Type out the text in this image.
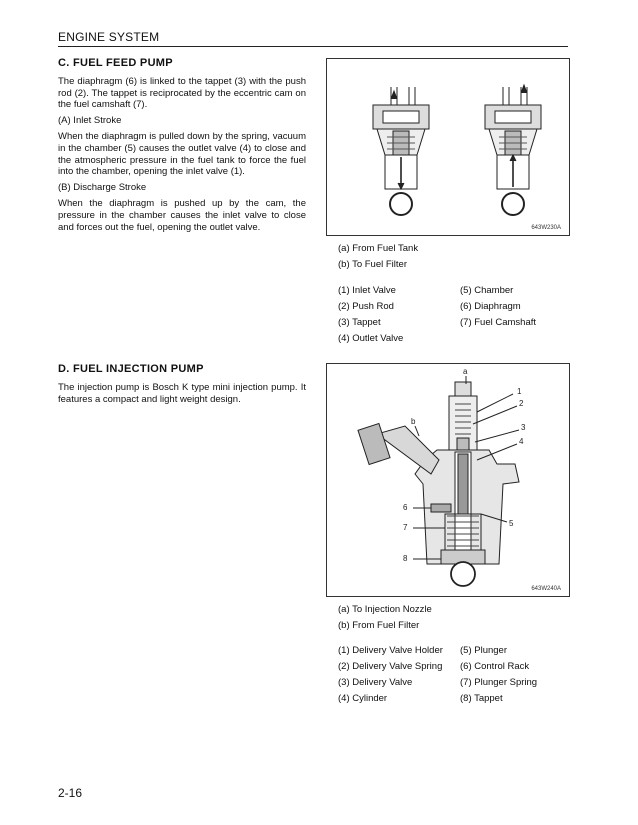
ENGINE SYSTEM
C. FUEL FEED PUMP

The diaphragm (6) is linked to the tappet (3) with the push rod (2). The tappet is reciprocated by the eccentric cam on the fuel camshaft (7).

(A) Inlet Stroke

When the diaphragm is pulled down by the spring, vacuum in the chamber (5) causes the outlet valve (4) to close and the atmospheric pressure in the fuel tank to force the fuel into the chamber, opening the inlet valve (1).

(B) Discharge Stroke

When the diaphragm is pushed up by the cam, the pressure in the chamber causes the inlet valve to close and forces out the fuel, opening the outlet valve.	643W230A
(a) From Fuel Tank
(b) To Fuel Filter
(1) Inlet Valve	(5) Chamber
(2) Push Rod	(6) Diaphragm
(3) Tappet	(7) Fuel Camshaft
(4) Outlet Valve
D. FUEL INJECTION PUMP

The injection pump is Bosch K type mini injection pump. It features a compact and light weight design.

a
1
2
3
4
5
6
7
8
b
643W240A
(a) To Injection Nozzle
(b) From Fuel Filter
(1) Delivery Valve Holder	(5) Plunger
(2) Delivery Valve Spring	(6) Control Rack
(3) Delivery Valve	(7) Plunger Spring
(4) Cylinder	(8) Tappet
2-16
